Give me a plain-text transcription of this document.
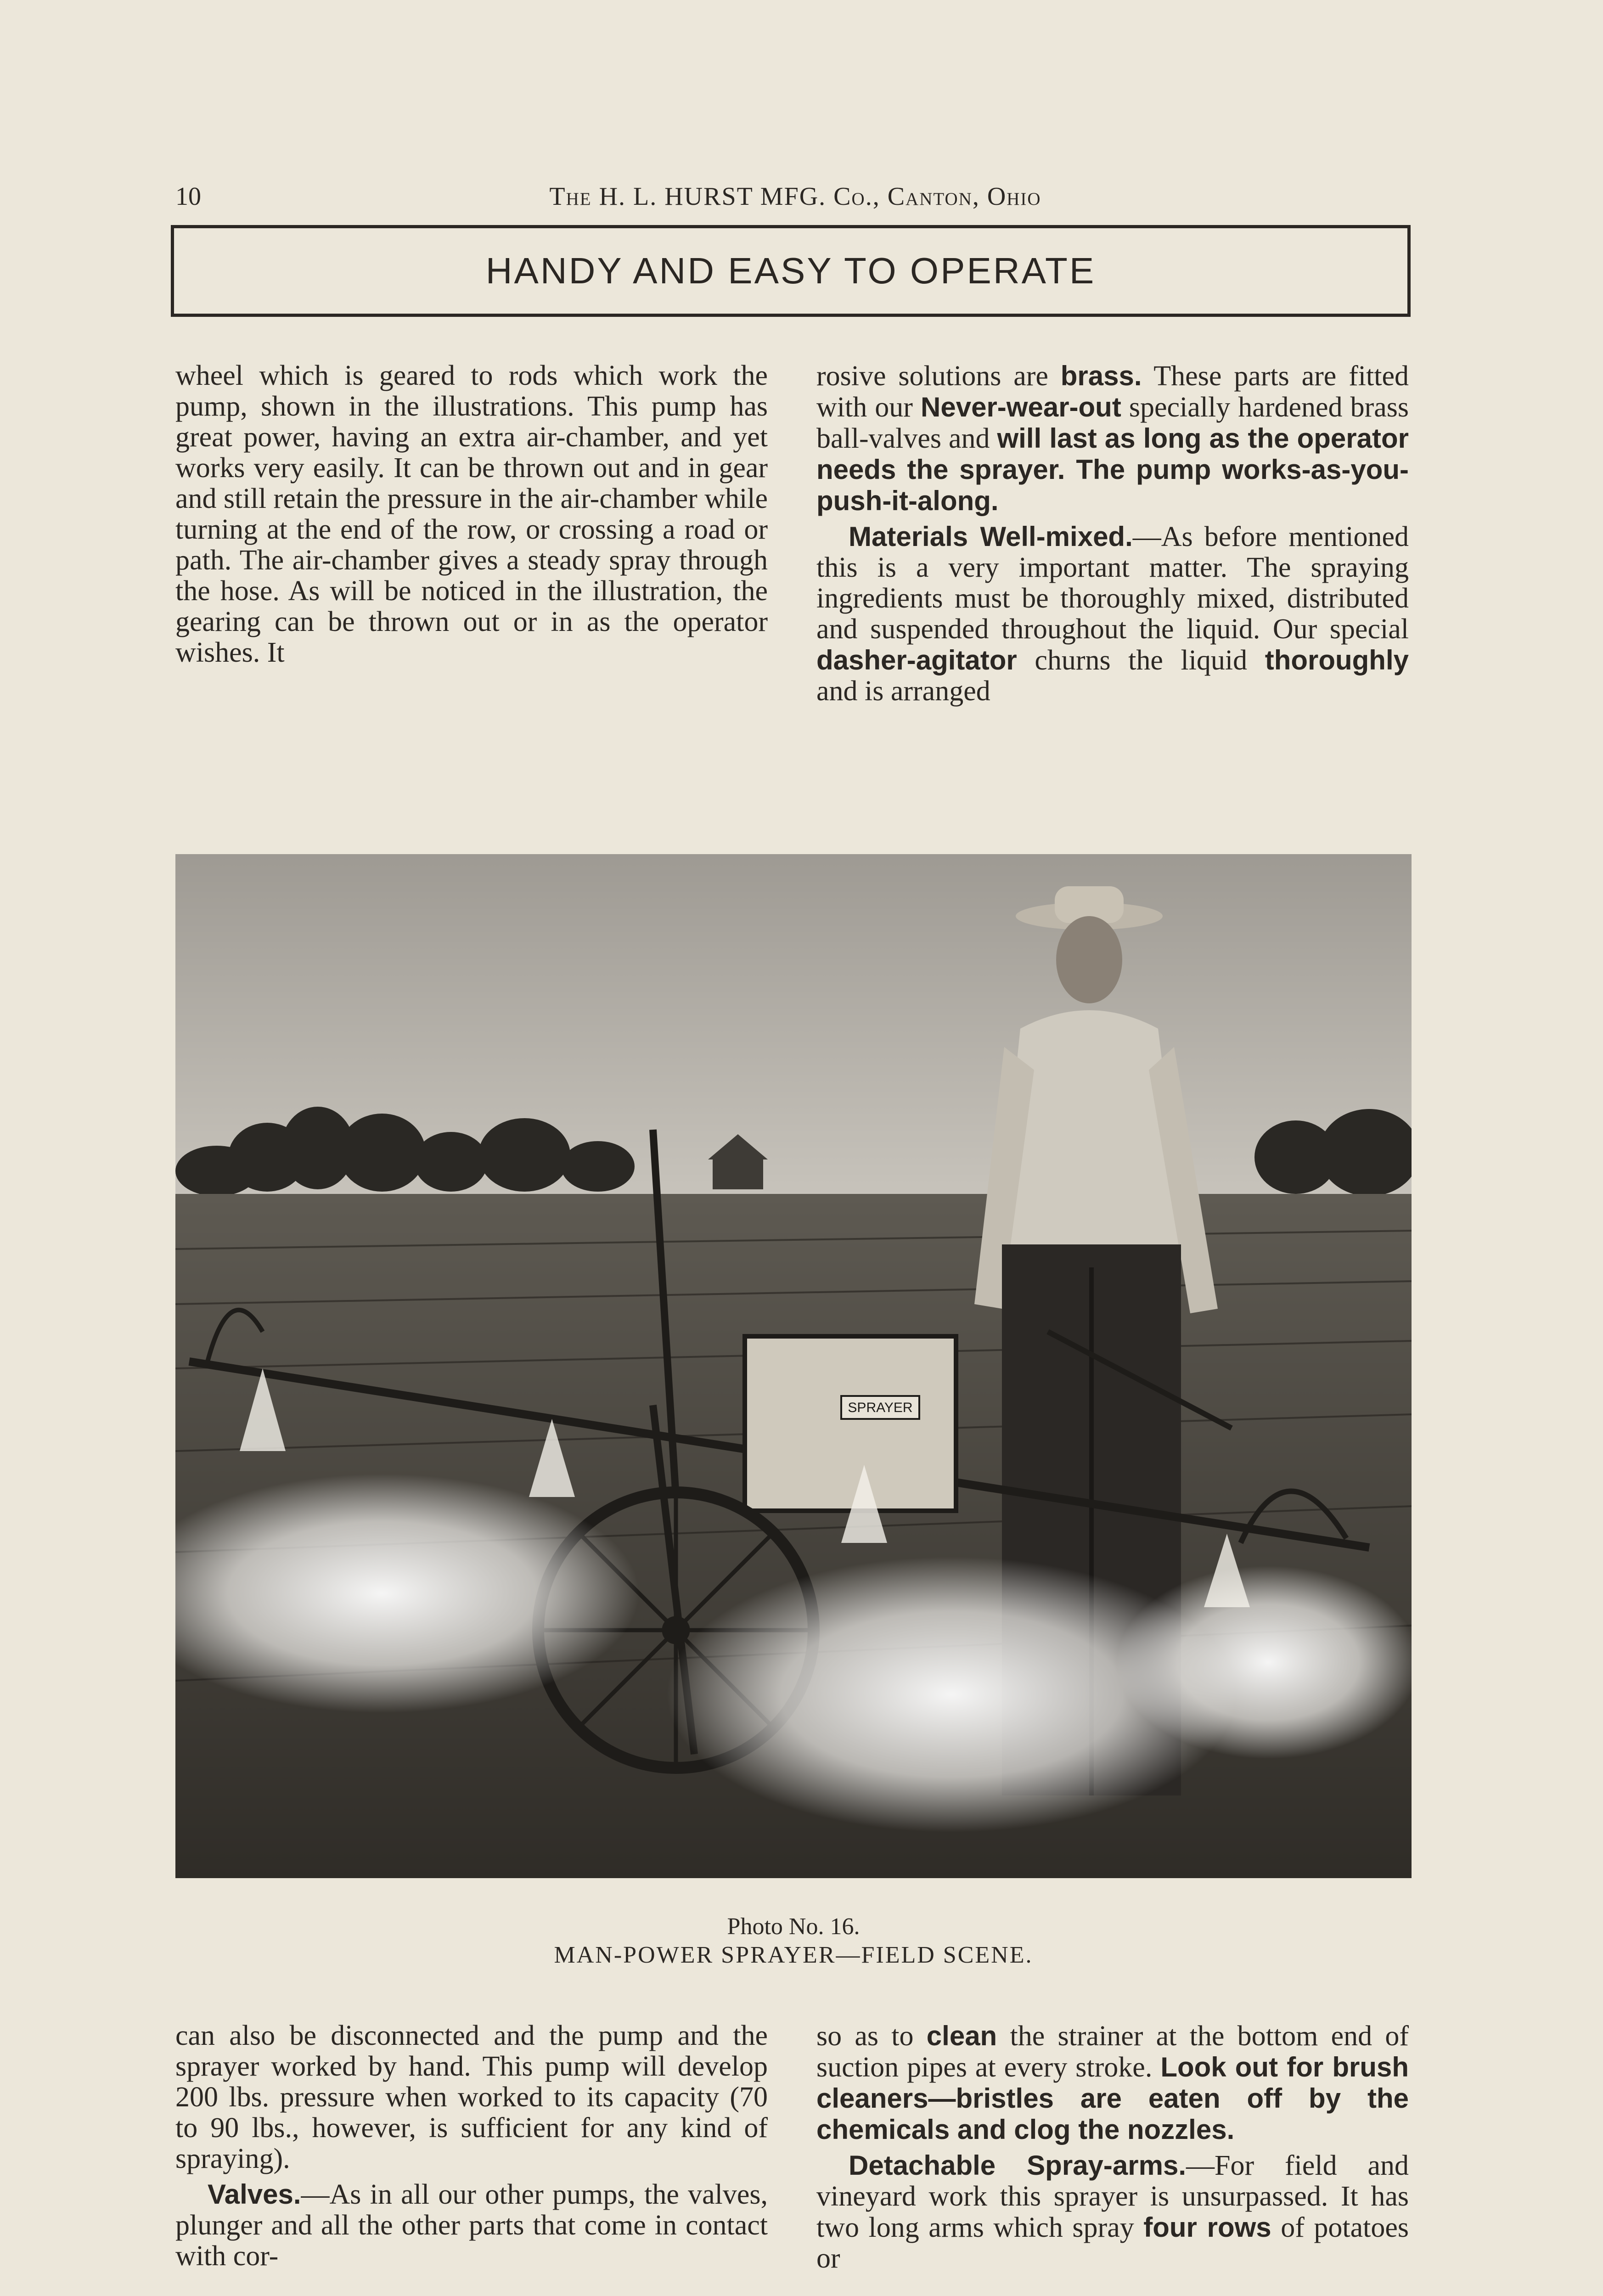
10	The H. L. HURST MFG. Co., Canton, Ohio
HANDY AND EASY TO OPERATE

wheel which is geared to rods which work the pump, shown in the illustrations. This pump has great power, having an extra air-chamber, and yet works very easily. It can be thrown out and in gear and still retain the pressure in the air-chamber while turning at the end of the row, or crossing a road or path. The air-chamber gives a steady spray through the hose. As will be noticed in the illustration, the gearing can be thrown out or in as the operator wishes. It

rosive solutions are brass. These parts are fitted with our Never-wear-out specially hardened brass ball-valves and will last as long as the operator needs the sprayer. The pump works-as-you-push-it-along.

Materials Well-mixed.—As before mentioned this is a very important matter. The spraying ingredients must be thoroughly mixed, distributed and suspended throughout the liquid. Our special dasher-agitator churns the liquid thoroughly and is arranged

SPRAYER
Photo No. 16.
MAN-POWER SPRAYER—FIELD SCENE.

can also be disconnected and the pump and the sprayer worked by hand. This pump will develop 200 lbs. pressure when worked to its capacity (70 to 90 lbs., however, is sufficient for any kind of spraying).

Valves.—As in all our other pumps, the valves, plunger and all the other parts that come in contact with cor-

so as to clean the strainer at the bottom end of suction pipes at every stroke. Look out for brush cleaners—bristles are eaten off by the chemicals and clog the nozzles.

Detachable Spray-arms.—For field and vineyard work this sprayer is unsurpassed. It has two long arms which spray four rows of potatoes or
